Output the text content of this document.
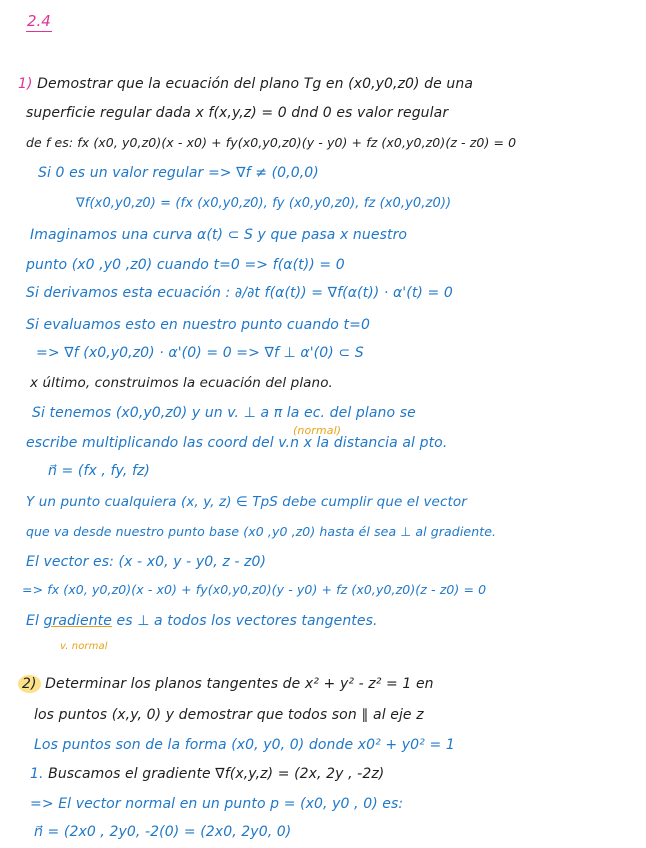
2.4
1) Demostrar que la ecuación del plano Tg en (x0,y0,z0) de una
superficie regular dada x f(x,y,z) = 0 dnd 0 es valor regular
de f es: fx (x0, y0,z0)(x - x0) + fy(x0,y0,z0)(y - y0) + fz (x0,y0,z0)(z - z0) = 0
Si 0 es un valor regular => ∇f ≠ (0,0,0)
∇f(x0,y0,z0) = (fx (x0,y0,z0), fy (x0,y0,z0), fz (x0,y0,z0))
Imaginamos una curva α(t) ⊂ S y que pasa x nuestro
punto (x0 ,y0 ,z0) cuando t=0 => f(α(t)) = 0
Si derivamos esta ecuación : ∂/∂t f(α(t)) = ∇f(α(t)) · α'(t) = 0
Si evaluamos esto en nuestro punto cuando t=0
=> ∇f (x0,y0,z0) · α'(0) = 0 => ∇f ⊥ α'(0) ⊂ S
x último, construimos la ecuación del plano.
Si tenemos (x0,y0,z0) y un v. ⊥ a π la ec. del plano se
(normal)
escribe multiplicando las coord del v.n x la distancia al pto.
n⃗ = (fx , fy, fz)
Y un punto cualquiera (x, y, z) ∈ TpS debe cumplir que el vector
que va desde nuestro punto base (x0 ,y0 ,z0) hasta él sea ⊥ al gradiente.
El vector es: (x - x0, y - y0, z - z0)
=> fx (x0, y0,z0)(x - x0) + fy(x0,y0,z0)(y - y0) + fz (x0,y0,z0)(z - z0) = 0
El gradiente es ⊥ a todos los vectores tangentes.
v. normal
2) Determinar los planos tangentes de x² + y² - z² = 1 en
los puntos (x,y, 0) y demostrar que todos son ∥ al eje z
Los puntos son de la forma (x0, y0, 0) donde x0² + y0² = 1
1. Buscamos el gradiente ∇f(x,y,z) = (2x, 2y , -2z)
=> El vector normal en un punto p = (x0, y0 , 0) es:
n⃗ = (2x0 , 2y0, -2(0) = (2x0, 2y0, 0)
